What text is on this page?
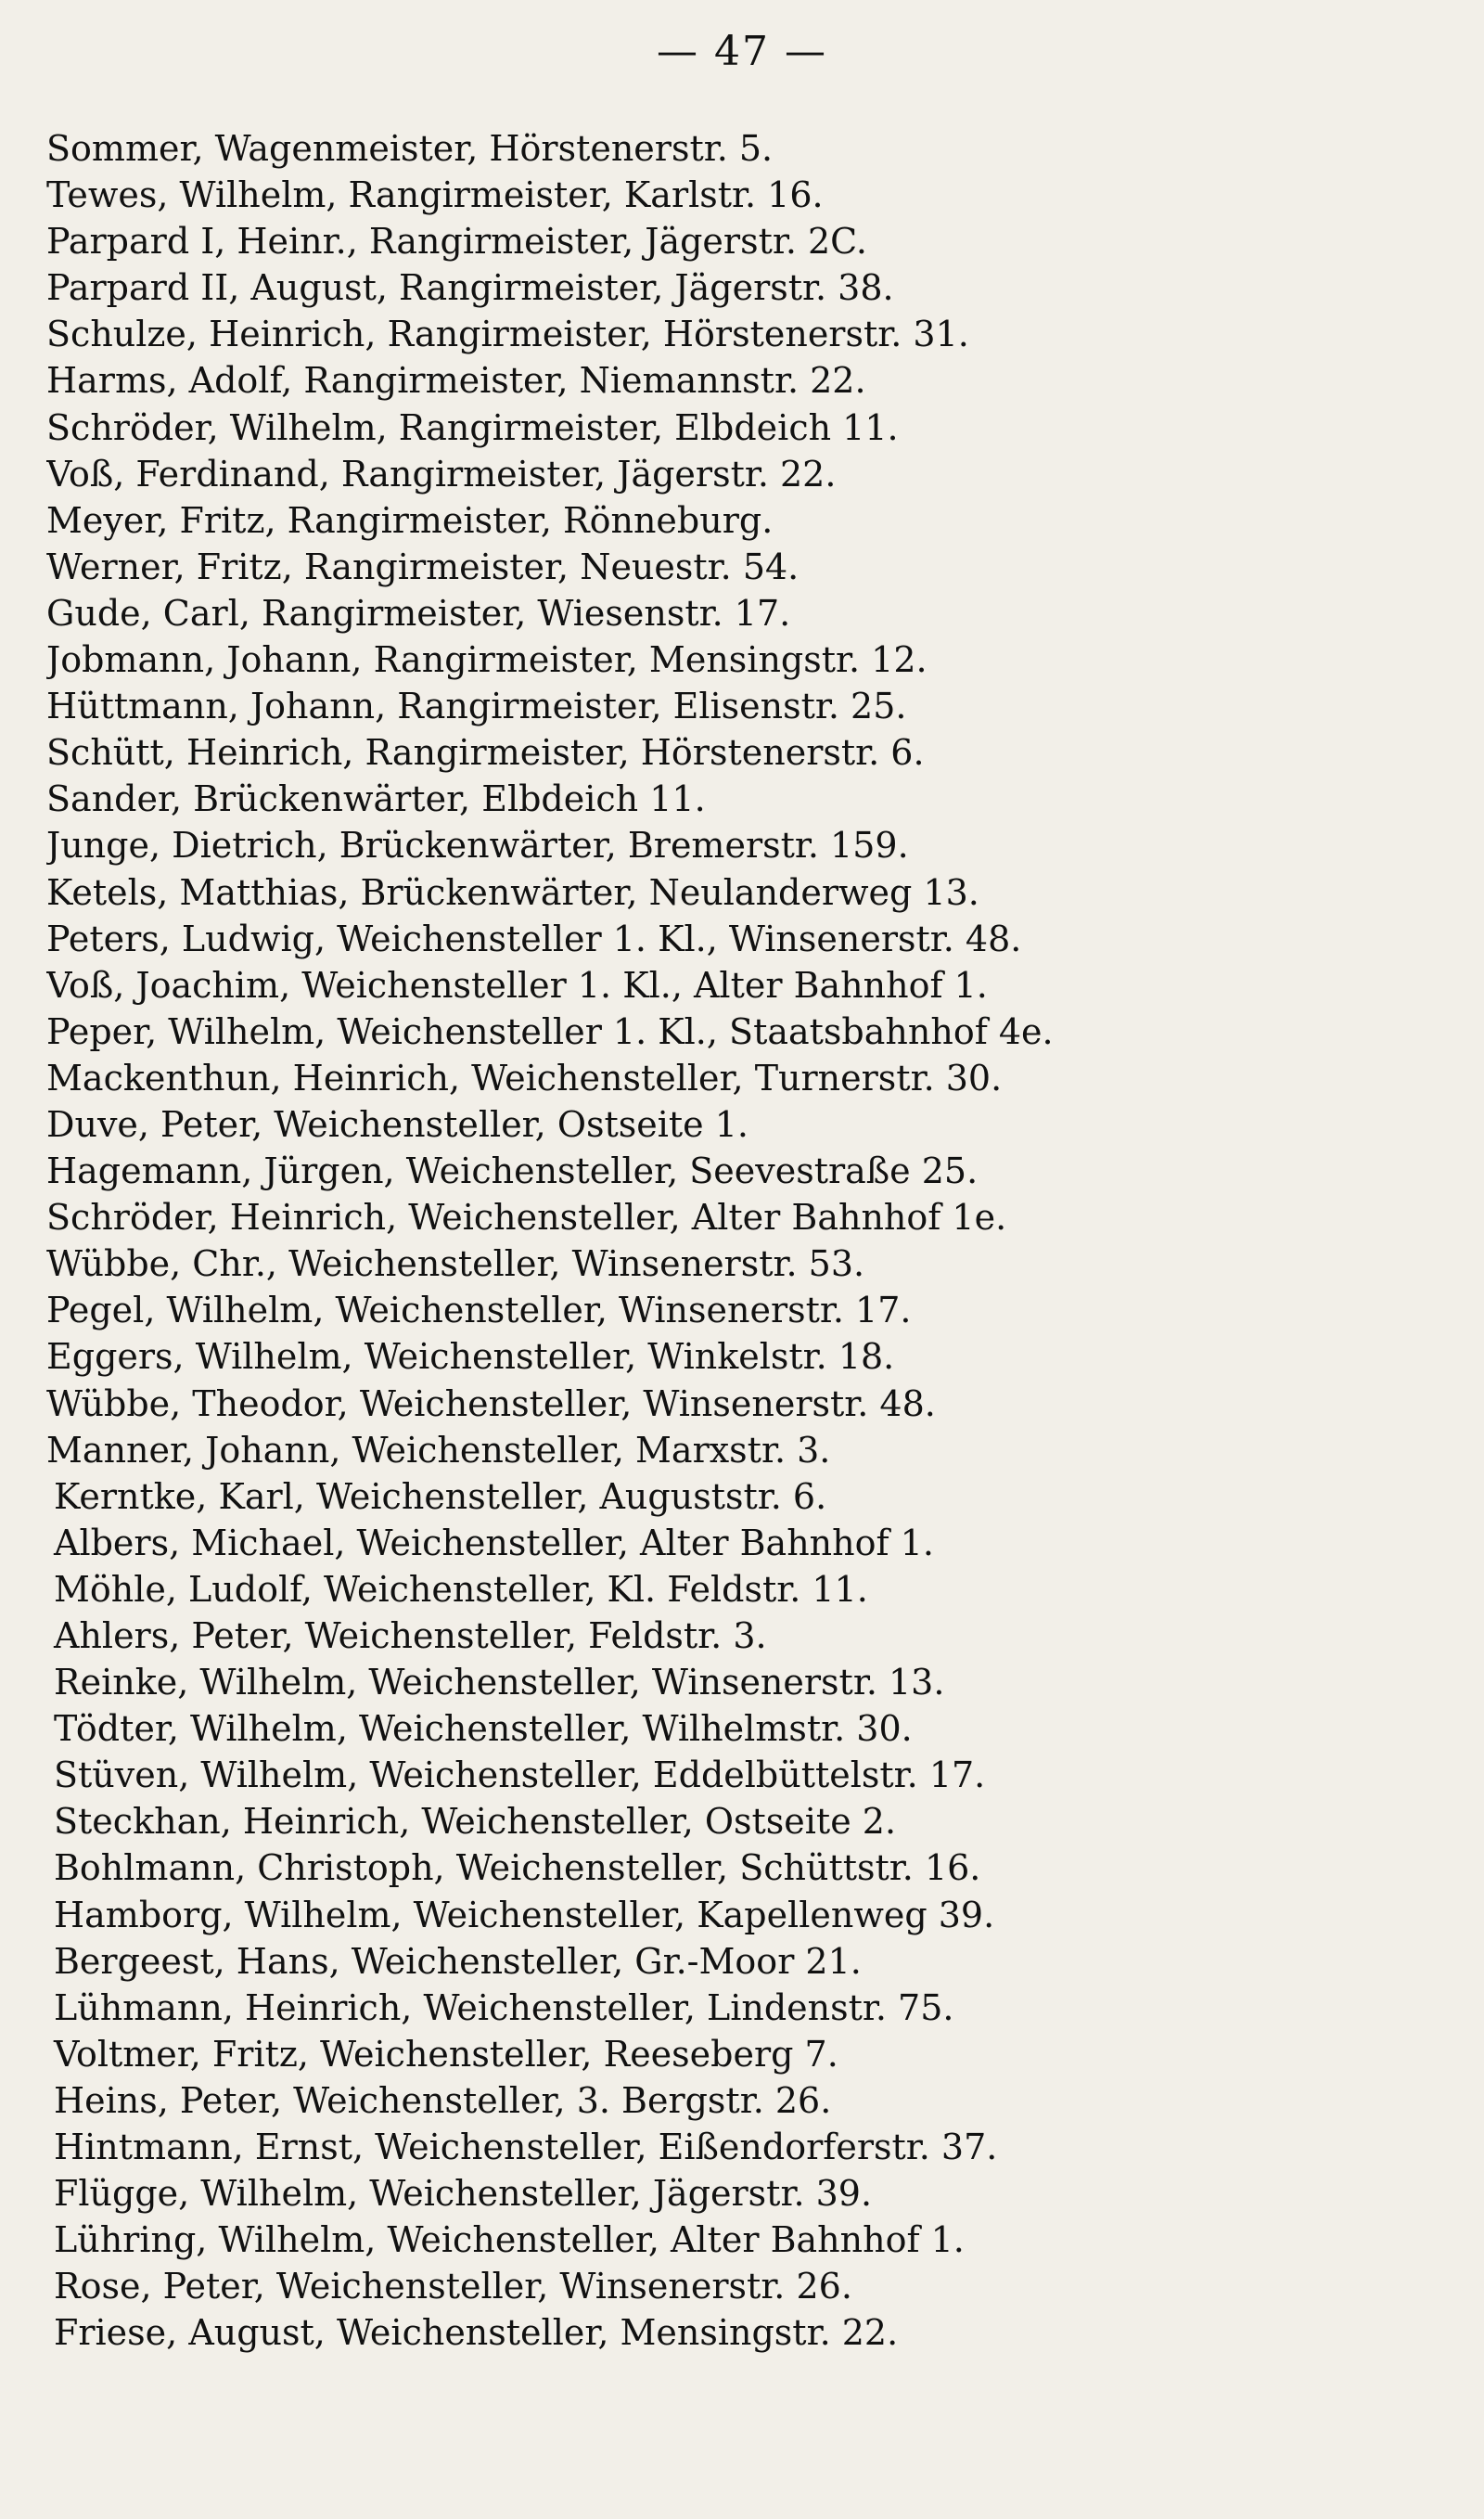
— 47 —
Sommer, Wagenmeister, Hörstenerstr. 5.
Tewes, Wilhelm, Rangirmeister, Karlstr. 16.
Parpard I, Heinr., Rangirmeister, Jägerstr. 2C.
Parpard II, August, Rangirmeister, Jägerstr. 38.
Schulze, Heinrich, Rangirmeister, Hörstenerstr. 31.
Harms, Adolf, Rangirmeister, Niemannstr. 22.
Schröder, Wilhelm, Rangirmeister, Elbdeich 11.
Voß, Ferdinand, Rangirmeister, Jägerstr. 22.
Meyer, Fritz, Rangirmeister, Rönneburg.
Werner, Fritz, Rangirmeister, Neuestr. 54.
Gude, Carl, Rangirmeister, Wiesenstr. 17.
Jobmann, Johann, Rangirmeister, Mensingstr. 12.
Hüttmann, Johann, Rangirmeister, Elisenstr. 25.
Schütt, Heinrich, Rangirmeister, Hörstenerstr. 6.
Sander, Brückenwärter, Elbdeich 11.
Junge, Dietrich, Brückenwärter, Bremerstr. 159.
Ketels, Matthias, Brückenwärter, Neulanderweg 13.
Peters, Ludwig, Weichensteller 1. Kl., Winsenerstr. 48.
Voß, Joachim, Weichensteller 1. Kl., Alter Bahnhof 1.
Peper, Wilhelm, Weichensteller 1. Kl., Staatsbahnhof 4e.
Mackenthun, Heinrich, Weichensteller, Turnerstr. 30.
Duve, Peter, Weichensteller, Ostseite 1.
Hagemann, Jürgen, Weichensteller, Seevestraße 25.
Schröder, Heinrich, Weichensteller, Alter Bahnhof 1e.
Wübbe, Chr., Weichensteller, Winsenerstr. 53.
Pegel, Wilhelm, Weichensteller, Winsenerstr. 17.
Eggers, Wilhelm, Weichensteller, Winkelstr. 18.
Wübbe, Theodor, Weichensteller, Winsenerstr. 48.
Manner, Johann, Weichensteller, Marxstr. 3.
Kerntke, Karl, Weichensteller, Auguststr. 6.
Albers, Michael, Weichensteller, Alter Bahnhof 1.
Möhle, Ludolf, Weichensteller, Kl. Feldstr. 11.
Ahlers, Peter, Weichensteller, Feldstr. 3.
Reinke, Wilhelm, Weichensteller, Winsenerstr. 13.
Tödter, Wilhelm, Weichensteller, Wilhelmstr. 30.
Stüven, Wilhelm, Weichensteller, Eddelbüttelstr. 17.
Steckhan, Heinrich, Weichensteller, Ostseite 2.
Bohlmann, Christoph, Weichensteller, Schüttstr. 16.
Hamborg, Wilhelm, Weichensteller, Kapellenweg 39.
Bergeest, Hans, Weichensteller, Gr.-Moor 21.
Lühmann, Heinrich, Weichensteller, Lindenstr. 75.
Voltmer, Fritz, Weichensteller, Reeseberg 7.
Heins, Peter, Weichensteller, 3. Bergstr. 26.
Hintmann, Ernst, Weichensteller, Eißendorferstr. 37.
Flügge, Wilhelm, Weichensteller, Jägerstr. 39.
Lühring, Wilhelm, Weichensteller, Alter Bahnhof 1.
Rose, Peter, Weichensteller, Winsenerstr. 26.
Friese, August, Weichensteller, Mensingstr. 22.
